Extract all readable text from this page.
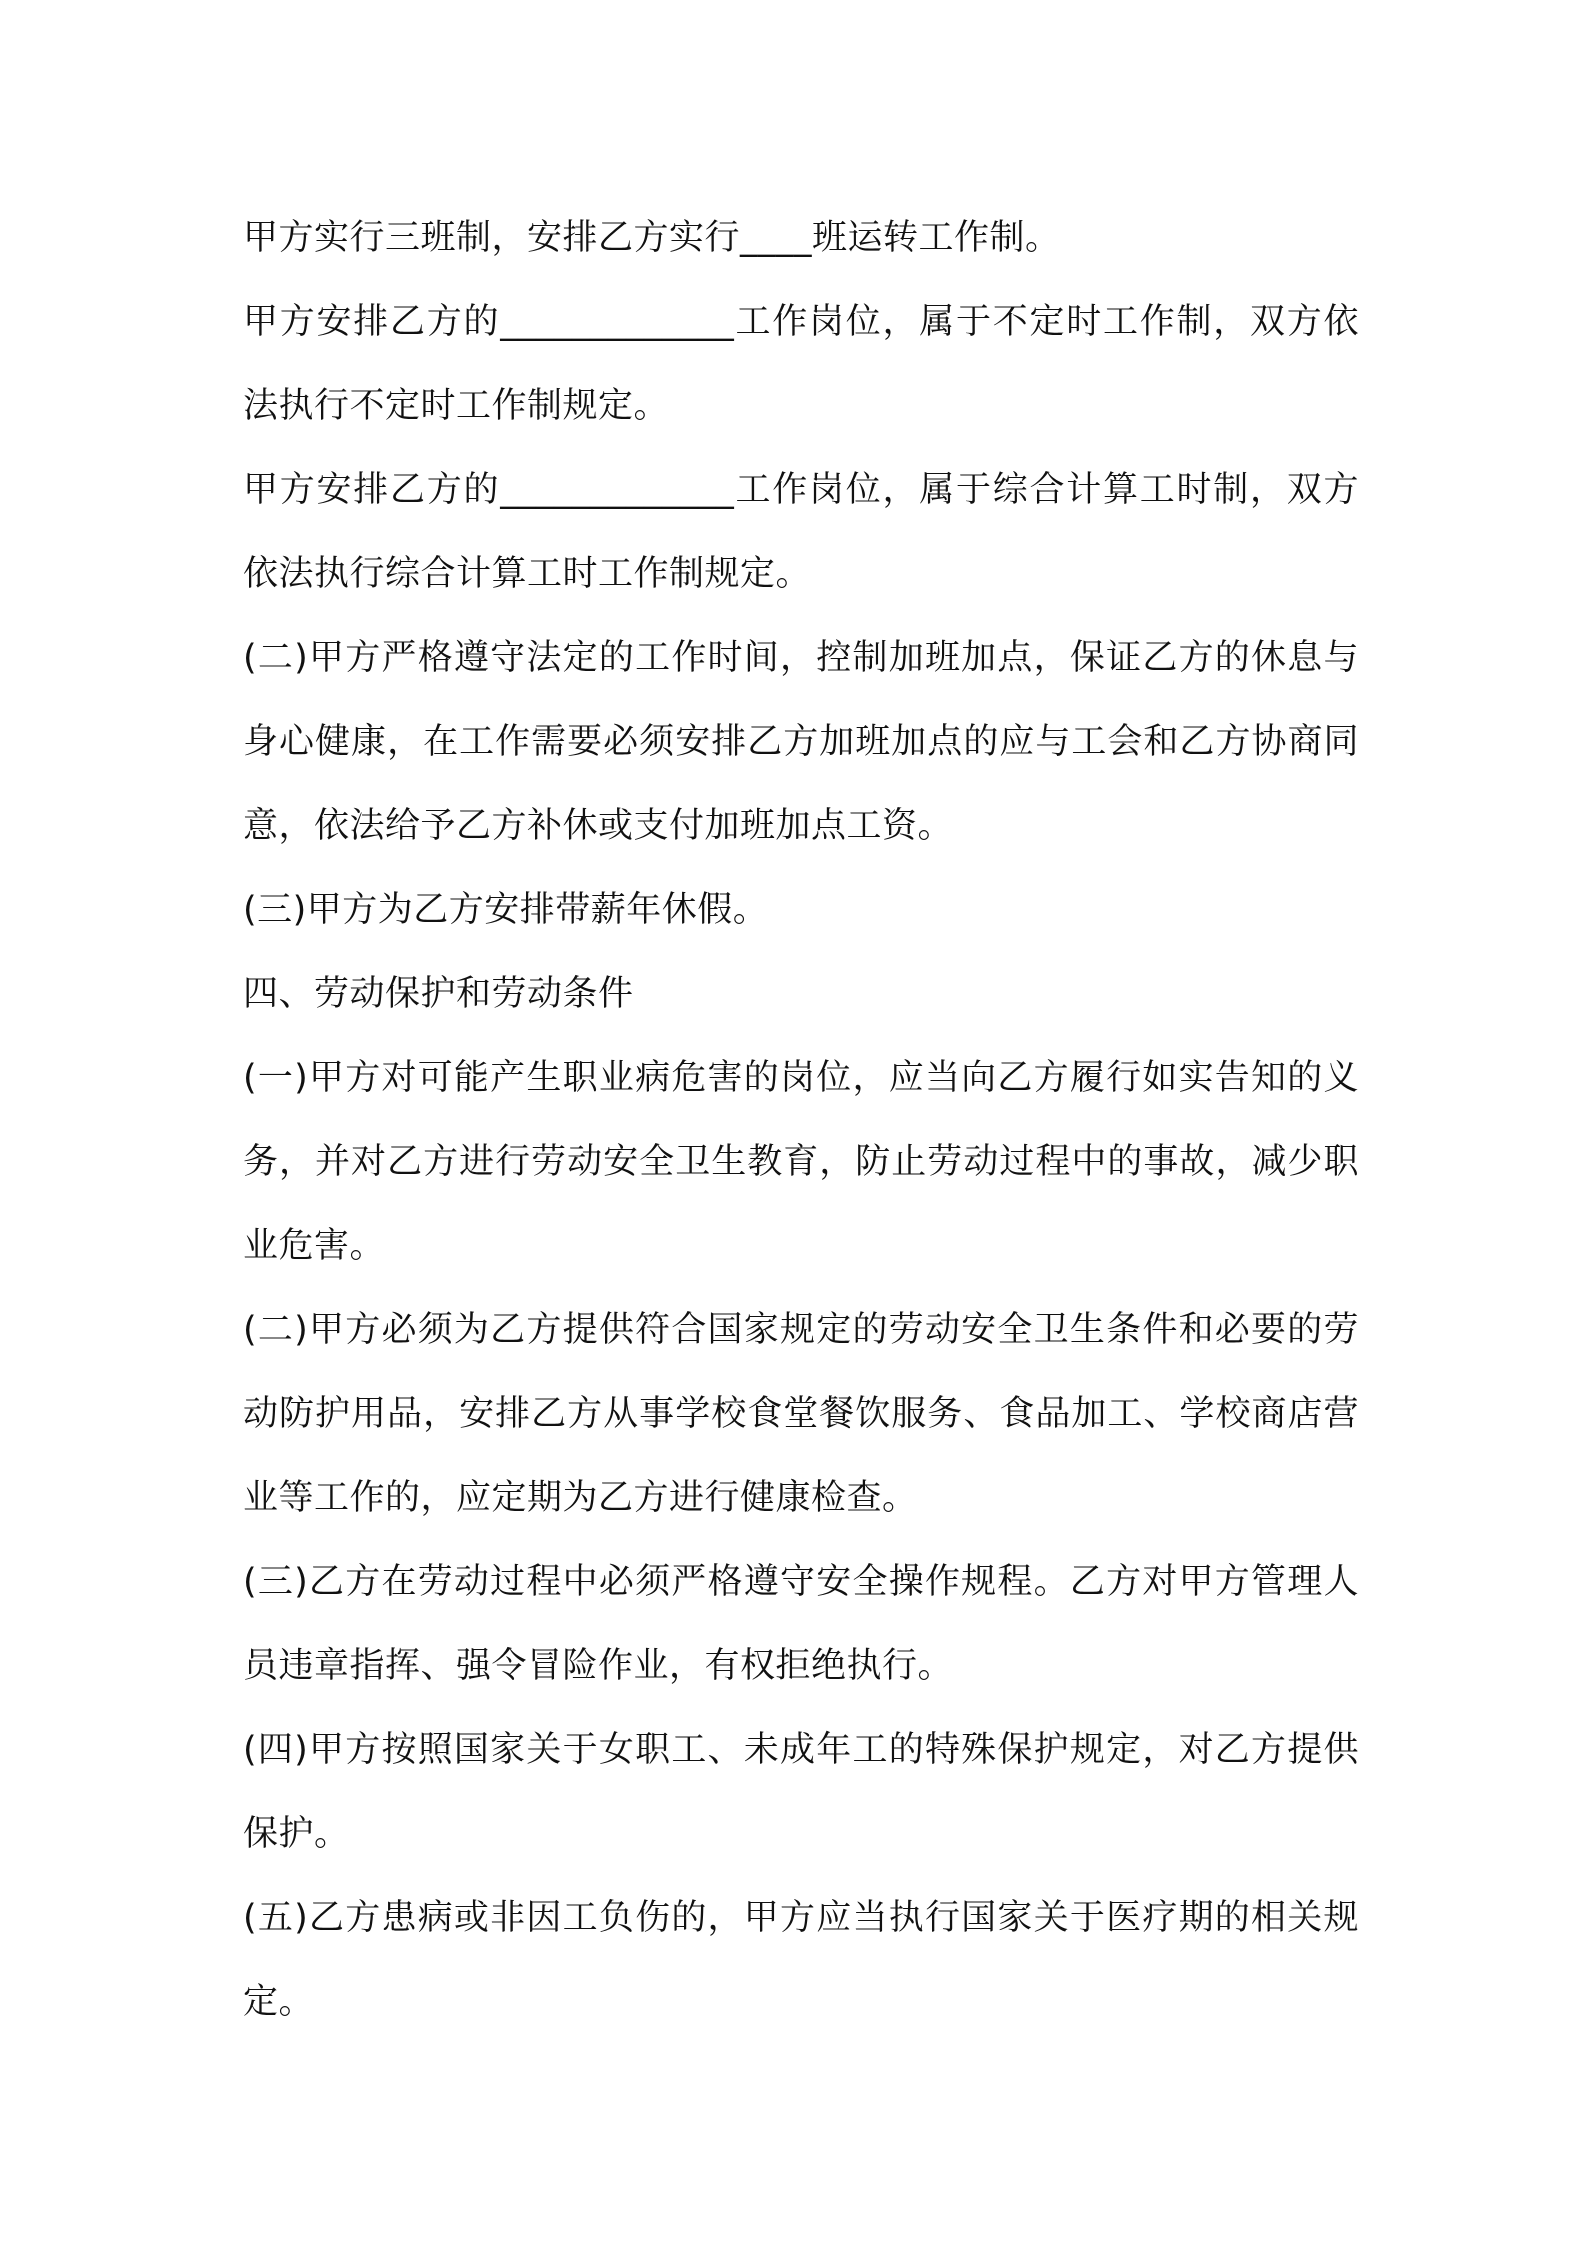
甲方实行三班制，安排乙方实行____班运转工作制。

甲方安排乙方的_____________工作岗位，属于不定时工作制，双方依法执行不定时工作制规定。

甲方安排乙方的_____________工作岗位，属于综合计算工时制，双方依法执行综合计算工时工作制规定。

(二)甲方严格遵守法定的工作时间，控制加班加点，保证乙方的休息与身心健康，在工作需要必须安排乙方加班加点的应与工会和乙方协商同意，依法给予乙方补休或支付加班加点工资。

(三)甲方为乙方安排带薪年休假。

四、劳动保护和劳动条件

(一)甲方对可能产生职业病危害的岗位，应当向乙方履行如实告知的义务，并对乙方进行劳动安全卫生教育，防止劳动过程中的事故，减少职业危害。

(二)甲方必须为乙方提供符合国家规定的劳动安全卫生条件和必要的劳动防护用品，安排乙方从事学校食堂餐饮服务、食品加工、学校商店营业等工作的，应定期为乙方进行健康检查。

(三)乙方在劳动过程中必须严格遵守安全操作规程。乙方对甲方管理人员违章指挥、强令冒险作业，有权拒绝执行。

(四)甲方按照国家关于女职工、未成年工的特殊保护规定，对乙方提供保护。

(五)乙方患病或非因工负伤的，甲方应当执行国家关于医疗期的相关规定。
